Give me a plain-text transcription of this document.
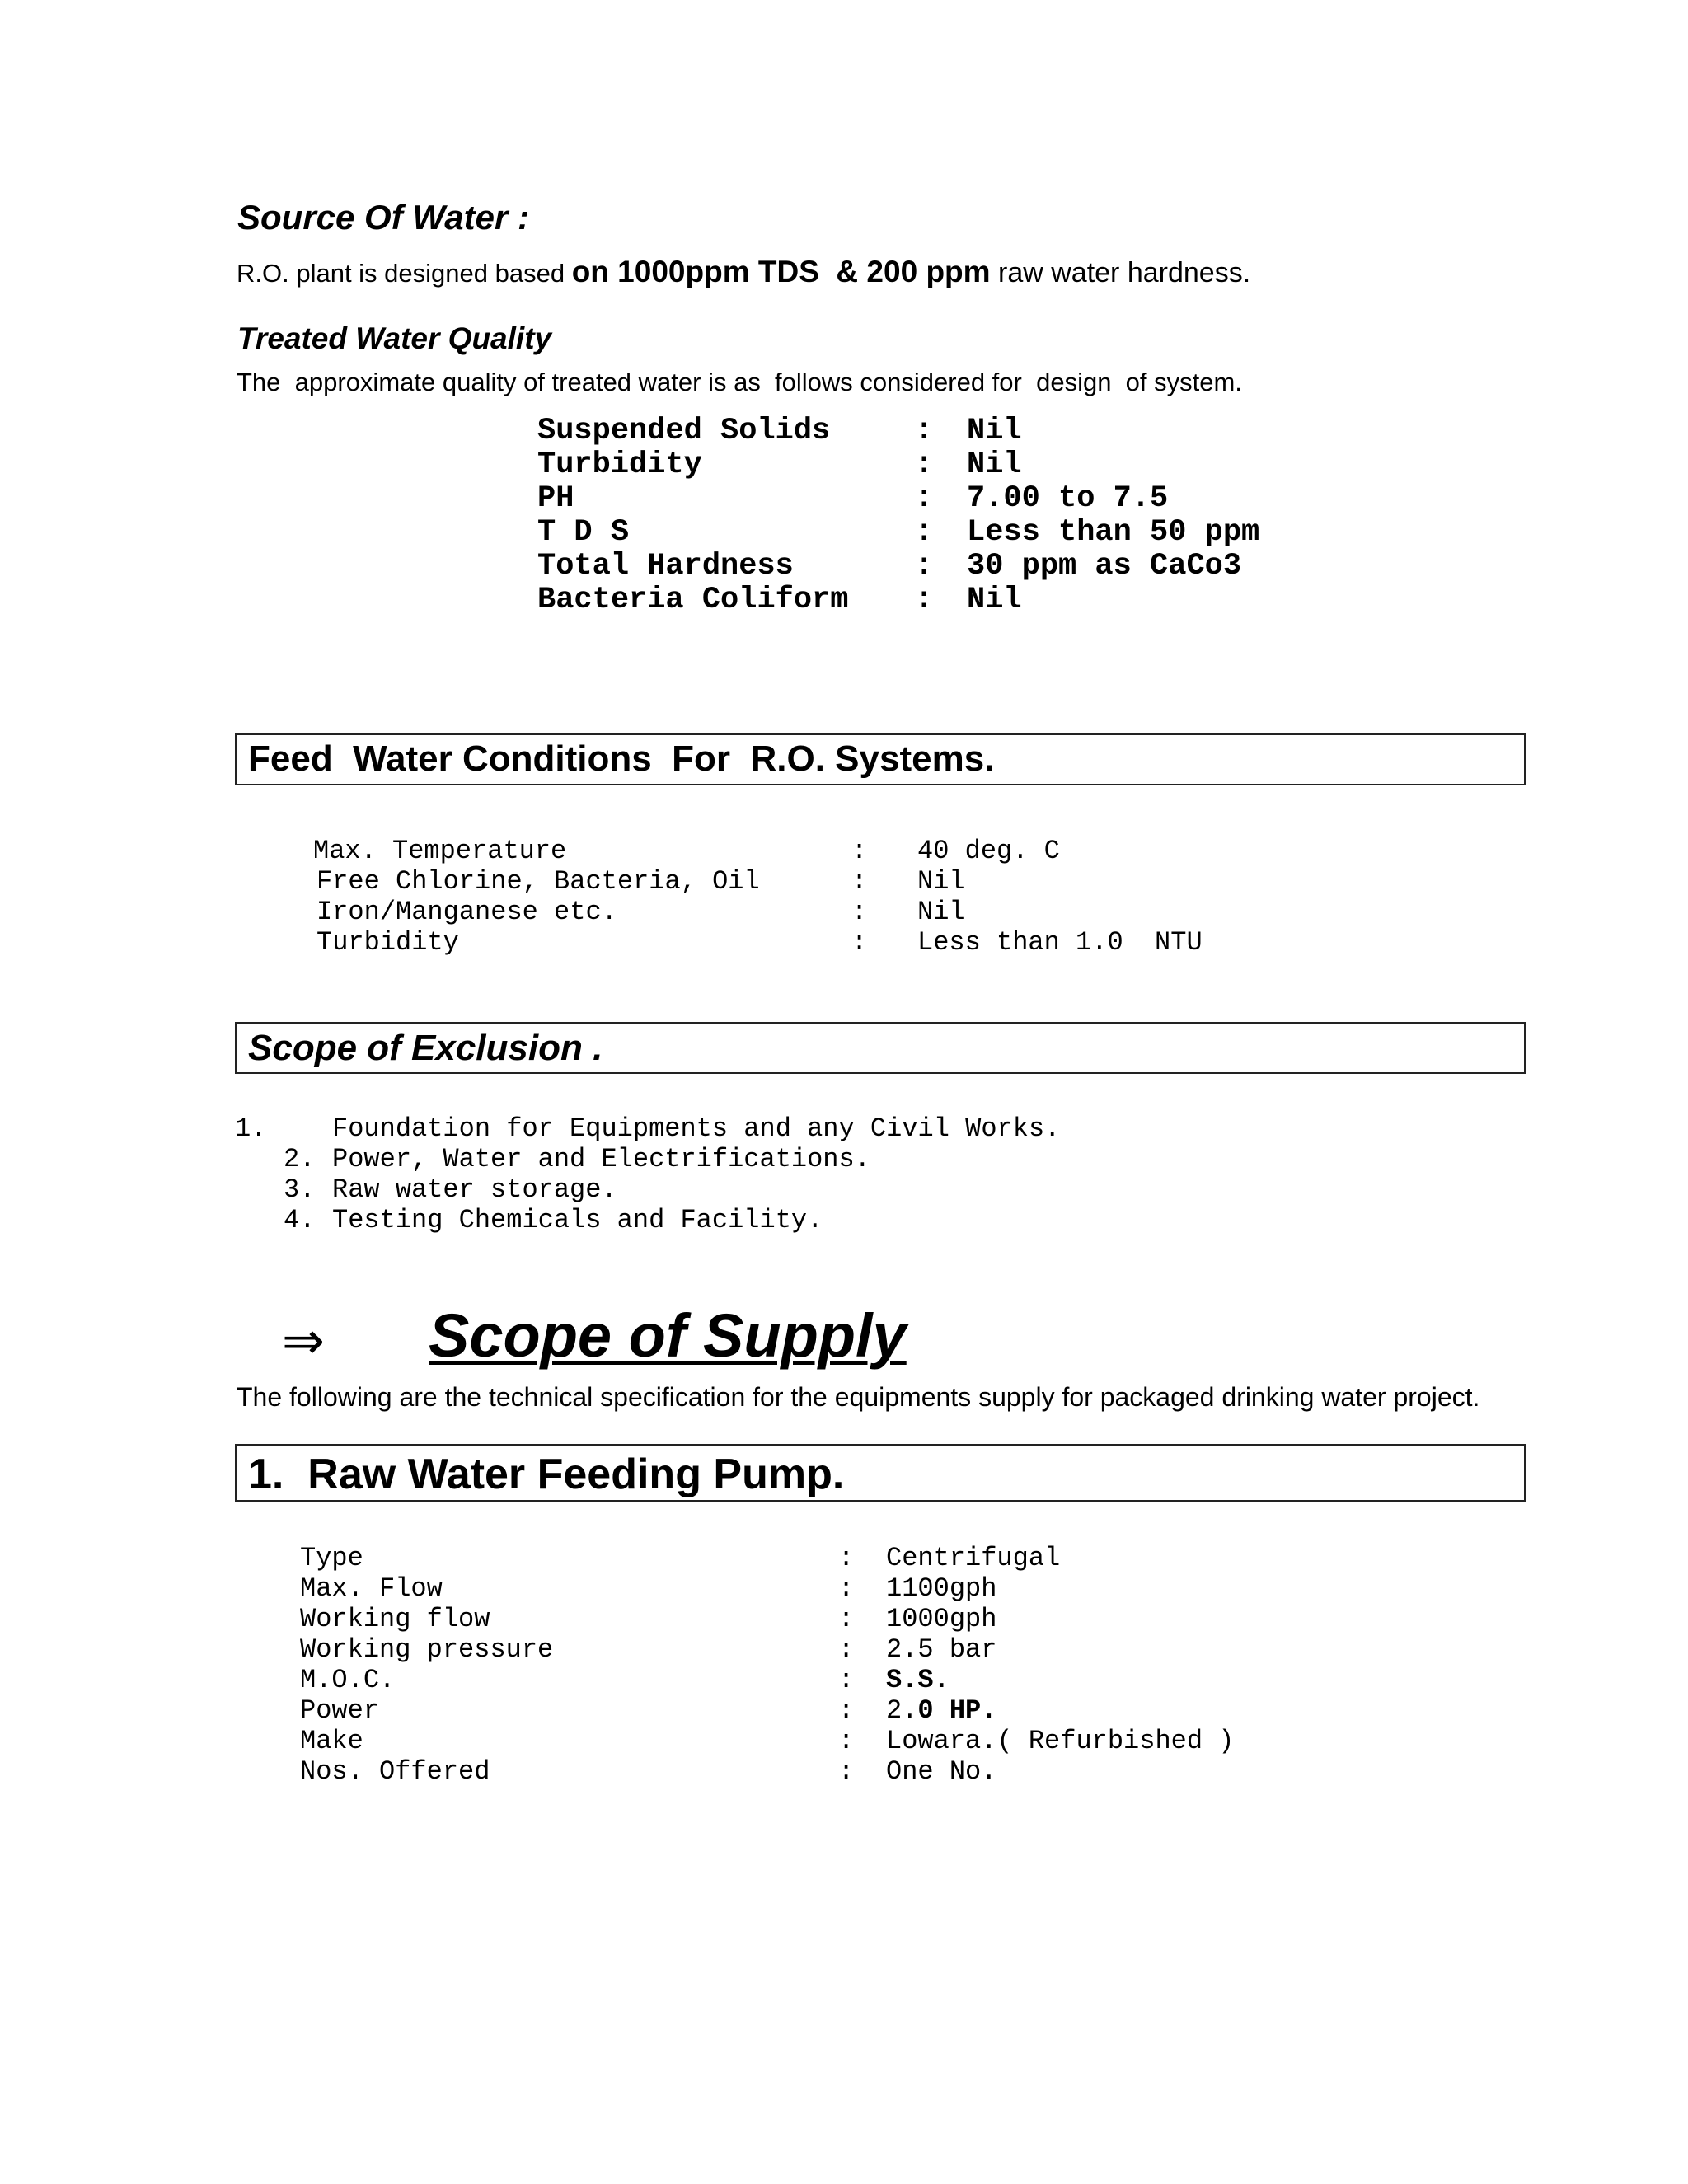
Source Of Water :
R.O. plant is designed based on 1000ppm TDS  & 200 ppm raw water hardness.
Treated Water Quality
The  approximate quality of treated water is as  follows considered for  design  of system.
Suspended Solids	: Nil
Turbidity	: Nil
PH	: 7.00 to 7.5
T D S	: Less than 50 ppm
Total Hardness	: 30 ppm as CaCo3
Bacteria Coliform : Nil
Feed  Water Conditions  For  R.O. Systems.
Max. Temperature	: 40 deg. C
Free Chlorine, Bacteria, Oil	: Nil
Iron/Manganese etc.	: Nil
Turbidity	: Less than 1.0  NTU
Scope of Exclusion .
1. Foundation for Equipments and any Civil Works.
2. Power, Water and Electrifications.
3. Raw water storage.
4. Testing Chemicals and Facility.
⇒ Scope of Supply
The following are the technical specification for the equipments supply for packaged drinking water project.
1.  Raw Water Feeding Pump.
Type	: Centrifugal
Max. Flow	: 1100gph
Working flow	: 1000gph
Working pressure	: 2.5 bar
M.O.C.	: S.S.
Power	: 2.0 HP.
Make	: Lowara.( Refurbished )
Nos. Offered	: One No.
